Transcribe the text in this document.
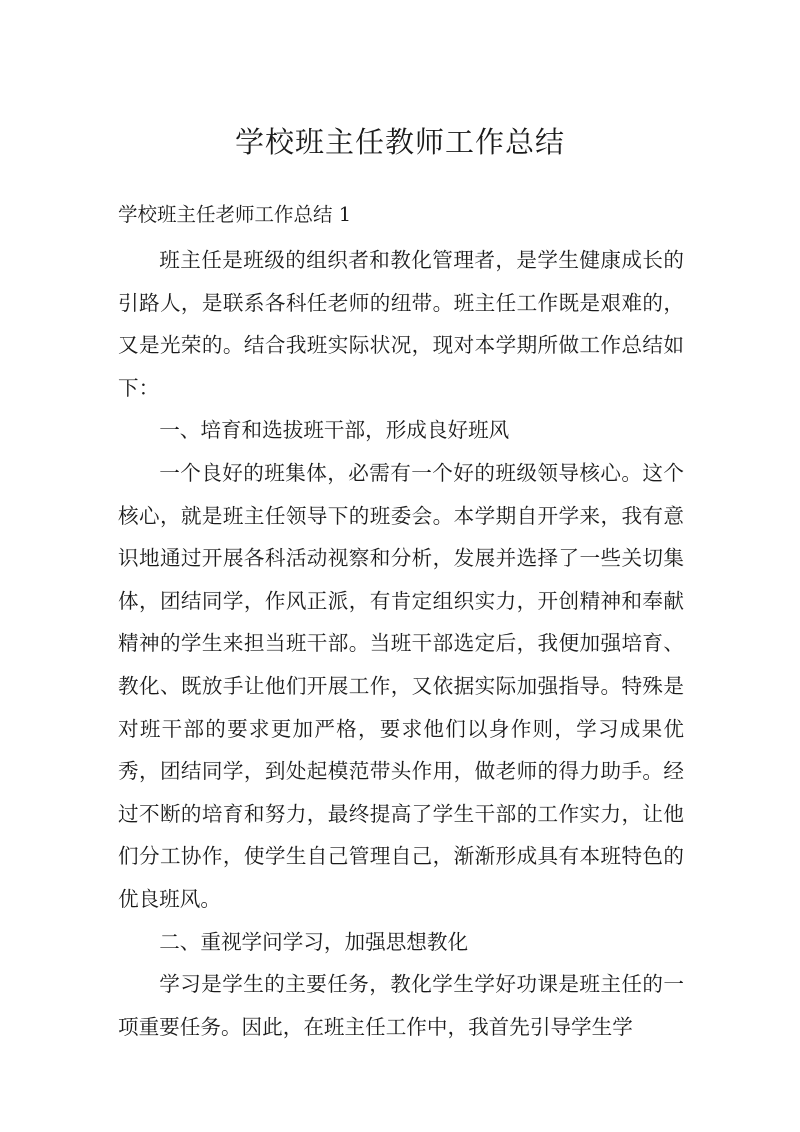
学校班主任教师工作总结

学校班主任老师工作总结 1

班主任是班级的组织者和教化管理者，是学生健康成长的引路人，是联系各科任老师的纽带。班主任工作既是艰难的，又是光荣的。结合我班实际状况，现对本学期所做工作总结如下：

一、培育和选拔班干部，形成良好班风

一个良好的班集体，必需有一个好的班级领导核心。这个核心，就是班主任领导下的班委会。本学期自开学来，我有意识地通过开展各科活动视察和分析，发展并选择了一些关切集体，团结同学，作风正派，有肯定组织实力，开创精神和奉献精神的学生来担当班干部。当班干部选定后，我便加强培育、教化、既放手让他们开展工作，又依据实际加强指导。特殊是对班干部的要求更加严格，要求他们以身作则，学习成果优秀，团结同学，到处起模范带头作用，做老师的得力助手。经过不断的培育和努力，最终提高了学生干部的工作实力，让他们分工协作，使学生自己管理自己，渐渐形成具有本班特色的优良班风。

二、重视学问学习，加强思想教化

学习是学生的主要任务，教化学生学好功课是班主任的一项重要任务。因此，在班主任工作中，我首先引导学生学
